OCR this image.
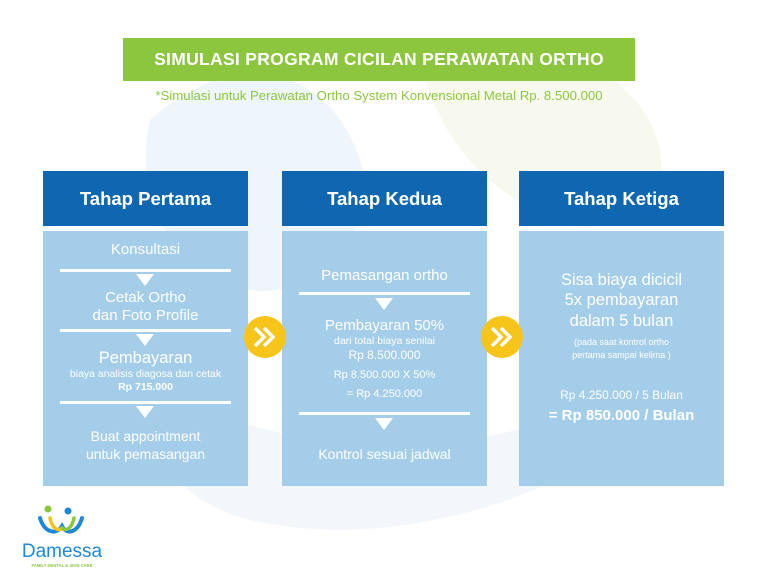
SIMULASI PROGRAM CICILAN PERAWATAN ORTHO
*Simulasi untuk Perawatan Ortho System Konvensional Metal Rp. 8.500.000
Tahap Pertama
Konsultasi
Cetak Ortho
dan Foto Profile
Pembayaran
biaya analisis diagosa dan cetak
Rp 715.000
Buat appointment
untuk pemasangan
Tahap Kedua
Pemasangan ortho
Pembayaran 50%
dari total biaya senilai
Rp 8.500.000
Rp 8.500.000 X 50%
= Rp 4.250.000
Kontrol sesuai jadwal
Tahap Ketiga
Sisa biaya dicicil
5x pembayaran
dalam 5 bulan
(pada saat kontrol ortho
pertama sampai kelima )
Rp 4.250.000 / 5 Bulan
= Rp 850.000 / Bulan
Damessa
FAMILY DENTAL & SKIN CARE
